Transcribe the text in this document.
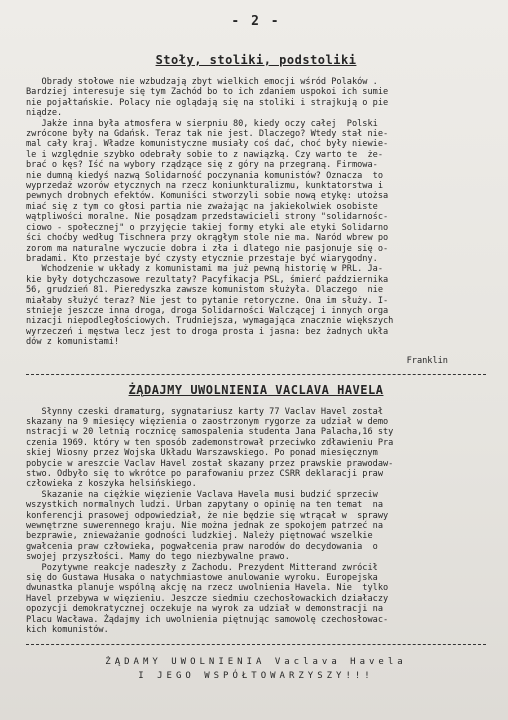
- 2 -
Stoły, stoliki, podstoliki

Obrady stołowe nie wzbudzają zbyt wielkich emocji wśród Polaków .
Bardziej interesuje się tym Zachód bo to ich zdaniem uspokoi ich sumie
nie pojałtańskie. Polacy nie oglądają się na stoliki i strajkują o pie
niądze.
Jakże inna była atmosfera w sierpniu 80, kiedy oczy całej  Polski
zwrócone były na Gdańsk. Teraz tak nie jest. Dlaczego? Wtedy stał nie-
mal cały kraj. Władze komunistyczne musiały coś dać, choć były niewie-
le i względnie szybko odebrały sobie to z nawiązką. Czy warto te  że-
brać o kęs? Iść na wybory rządzące się z góry na przegraną. Firmowa-
nie dumną kiedyś nazwą Solidarność poczynania komunistów? Oznacza  to
wyprzedaż wzorów etycznych na rzecz koniunkturalizmu, kunktatorstwa i
pewnych drobnych efektów. Komuniści stworzyli sobie nową etykę: utożsa
miać się z tym co głosi partia nie zważając na jakiekolwiek osobiste
wątpliwości moralne. Nie posądzam przedstawicieli strony "solidarnośc-
ciowo - społecznej" o przyjęcie takiej formy etyki ale etyki Solidarno
ści choćby według Tischnera przy okrągłym stole nie ma. Naród wbrew po
zorom ma naturalne wyczucie dobra i zła i dlatego nie pasjonuje się o-
bradami. Kto przestaje być czysty etycznie przestaje być wiarygodny.
Wchodzenie w układy z komunistami ma już pewną historię w PRL. Ja-
kie były dotychczasowe rezultaty? Pacyfikacja PSL, śmierć października
56, grudzień 81. Pieredyszka zawsze komunistom służyła. Dlaczego  nie
miałaby służyć teraz? Nie jest to pytanie retoryczne. Ona im służy. I-
stnieje jeszcze inna droga, droga Solidarności Walczącej i innych orga
nizacji niepodległościowych. Trudniejsza, wymagająca znacznie większych
wyrzeczeń i męstwa lecz jest to droga prosta i jasna: bez żadnych ukła
dów z komunistami!

Franklin
ŻĄDAJMY UWOLNIENIA VACLAVA HAVELA

Słynny czeski dramaturg, sygnatariusz karty 77 Vaclav Havel został
skazany na 9 miesięcy więzienia o zaostrzonym rygorze za udział w demo
nstracji w 20 letnią rocznicę samospalenia studenta Jana Palacha,16 sty
czenia 1969. który w ten sposób zademonstrował przeciwko zdławieniu Pra
skiej Wiosny przez Wojska Układu Warszawskiego. Po ponad miesięcznym
pobycie w areszcie Vaclav Havel został skazany przez prawskie prawodaw-
stwo. Odbyło się to wkrótce po parafowaniu przez CSRR deklaracji praw
człowieka z koszyka helsińskiego.
Skazanie na ciężkie więzienie Vaclava Havela musi budzić sprzeciw
wszystkich normalnych ludzi. Urban zapytany o opinię na ten temat  na
konferencji prasowej odpowiedział, że nie będzie się wtrącał w  sprawy
wewnętrzne suwerennego kraju. Nie można jednak ze spokojem patrzeć na
bezprawie, znieważanie godności ludzkiej. Należy piętnować wszelkie
gwałcenia praw człowieka, pogwałcenia praw narodów do decydowania  o
swojej przyszłości. Mamy do tego niezbywalne prawo.
Pozytywne reakcje nadeszły z Zachodu. Prezydent Mitterand zwrócił
się do Gustawa Husaka o natychmiastowe anulowanie wyroku. Europejska
dwunastka planuje wspólną akcję na rzecz uwolnienia Havela. Nie  tylko
Havel przebywa w więzieniu. Jeszcze siedmiu czechosłowackich działaczy
opozycji demokratycznej oczekuje na wyrok za udział w demonstracji na
Placu Wacława. Żądajmy ich uwolnienia piętnując samowolę czechosłowac-
kich komunistów.

ŻĄDAMY UWOLNIENIA Vaclava Havela
I JEGO WSPÓŁTOWARZYSZY!!!
